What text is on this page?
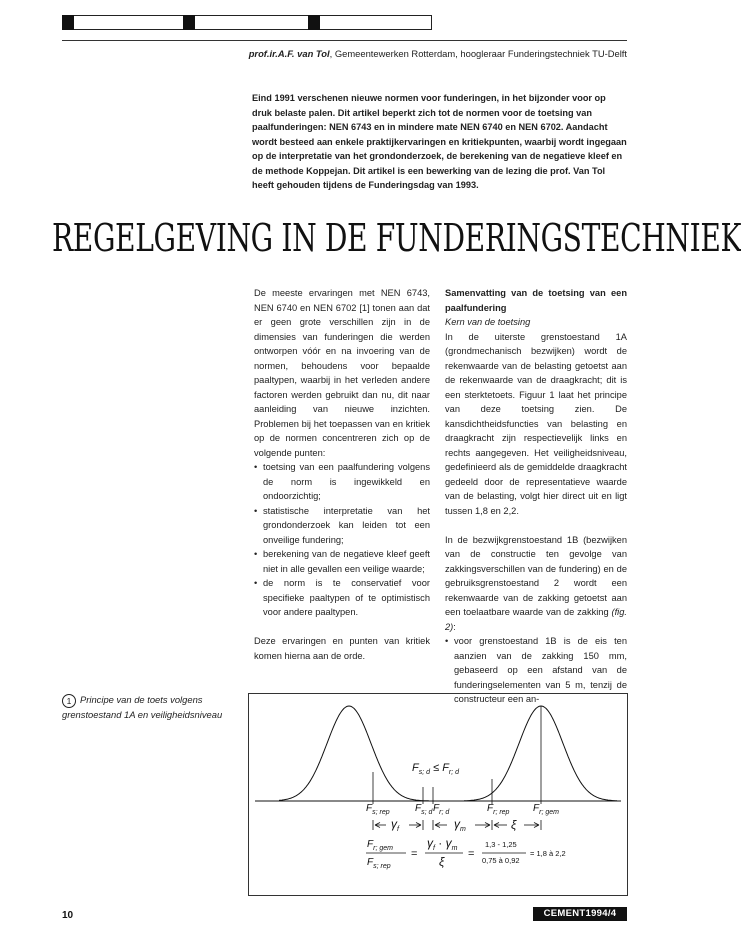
prof.ir.A.F. van Tol, Gemeentewerken Rotterdam, hoogleraar Funderingstechniek TU-Delft
Eind 1991 verschenen nieuwe normen voor funderingen, in het bijzonder voor op druk belaste palen. Dit artikel beperkt zich tot de normen voor de toetsing van paalfunderingen: NEN 6743 en in mindere mate NEN 6740 en NEN 6702. Aandacht wordt besteed aan enkele praktijkervaringen en kritiekpunten, waarbij wordt ingegaan op de interpretatie van het grondonderzoek, de berekening van de negatieve kleef en de methode Koppejan. Dit artikel is een bewerking van de lezing die prof. Van Tol heeft gehouden tijdens de Funderingsdag van 1993.
REGELGEVING IN DE FUNDERINGSTECHNIEK

De meeste ervaringen met NEN 6743, NEN 6740 en NEN 6702 [1] tonen aan dat er geen grote verschillen zijn in de dimensies van funderingen die werden ontworpen vóór en na invoering van de normen, behoudens voor bepaalde paaltypen, waarbij in het verleden andere factoren werden gebruikt dan nu, dit naar aanleiding van nieuwe inzichten. Problemen bij het toepassen van en kritiek op de normen concentreren zich op de volgende punten:

• toetsing van een paalfundering volgens de norm is ingewikkeld en ondoorzichtig;
• statistische interpretatie van het grondonderzoek kan leiden tot een onveilige fundering;
• berekening van de negatieve kleef geeft niet in alle gevallen een veilige waarde;
• de norm is te conservatief voor specifieke paaltypen of te optimistisch voor andere paaltypen.

Deze ervaringen en punten van kritiek komen hierna aan de orde.

Samenvatting van de toetsing van een paalfundering

Kern van de toetsing

In de uiterste grenstoestand 1A (grondmechanisch bezwijken) wordt de rekenwaarde van de belasting getoetst aan de rekenwaarde van de draagkracht; dit is een sterktetoets. Figuur 1 laat het principe van deze toetsing zien. De kansdichtheidsfuncties van belasting en draagkracht zijn respectievelijk links en rechts aangegeven. Het veiligheidsniveau, gedefinieerd als de gemiddelde draagkracht gedeeld door de representatieve waarde van de belasting, volgt hier direct uit en ligt tussen 1,8 en 2,2.

In de bezwijkgrenstoestand 1B (bezwijken van de constructie ten gevolge van zakkingsverschillen van de fundering) en de gebruiksgrenstoestand 2 wordt een rekenwaarde van de zakking getoetst aan een toelaatbare waarde van de zakking (fig. 2):

• voor grenstoestand 1B is de eis ten aanzien van de zakking 150 mm, gebaseerd op een afstand van de funderingselementen van 5 m, tenzij de constructeur een an-
1 Principe van de toets volgens grenstoestand 1A en veiligheidsniveau
$F_{s; d} \le F_{r; d}$
$F_{s; rep}$	$F_{s; d}$ $F_{r; d}$	$F_{r; rep}$ $F_{r; gem}$
$\gamma_f$	$\gamma_m$	ξ
$F_{r; gem}$
$F_{s; rep}$
=
$\gamma_f \cdot \gamma_m$
ξ
=
1,3 - 1,25
0,75 à 0,92
= 1,8 à 2,2
10	CEMENT1994/4
